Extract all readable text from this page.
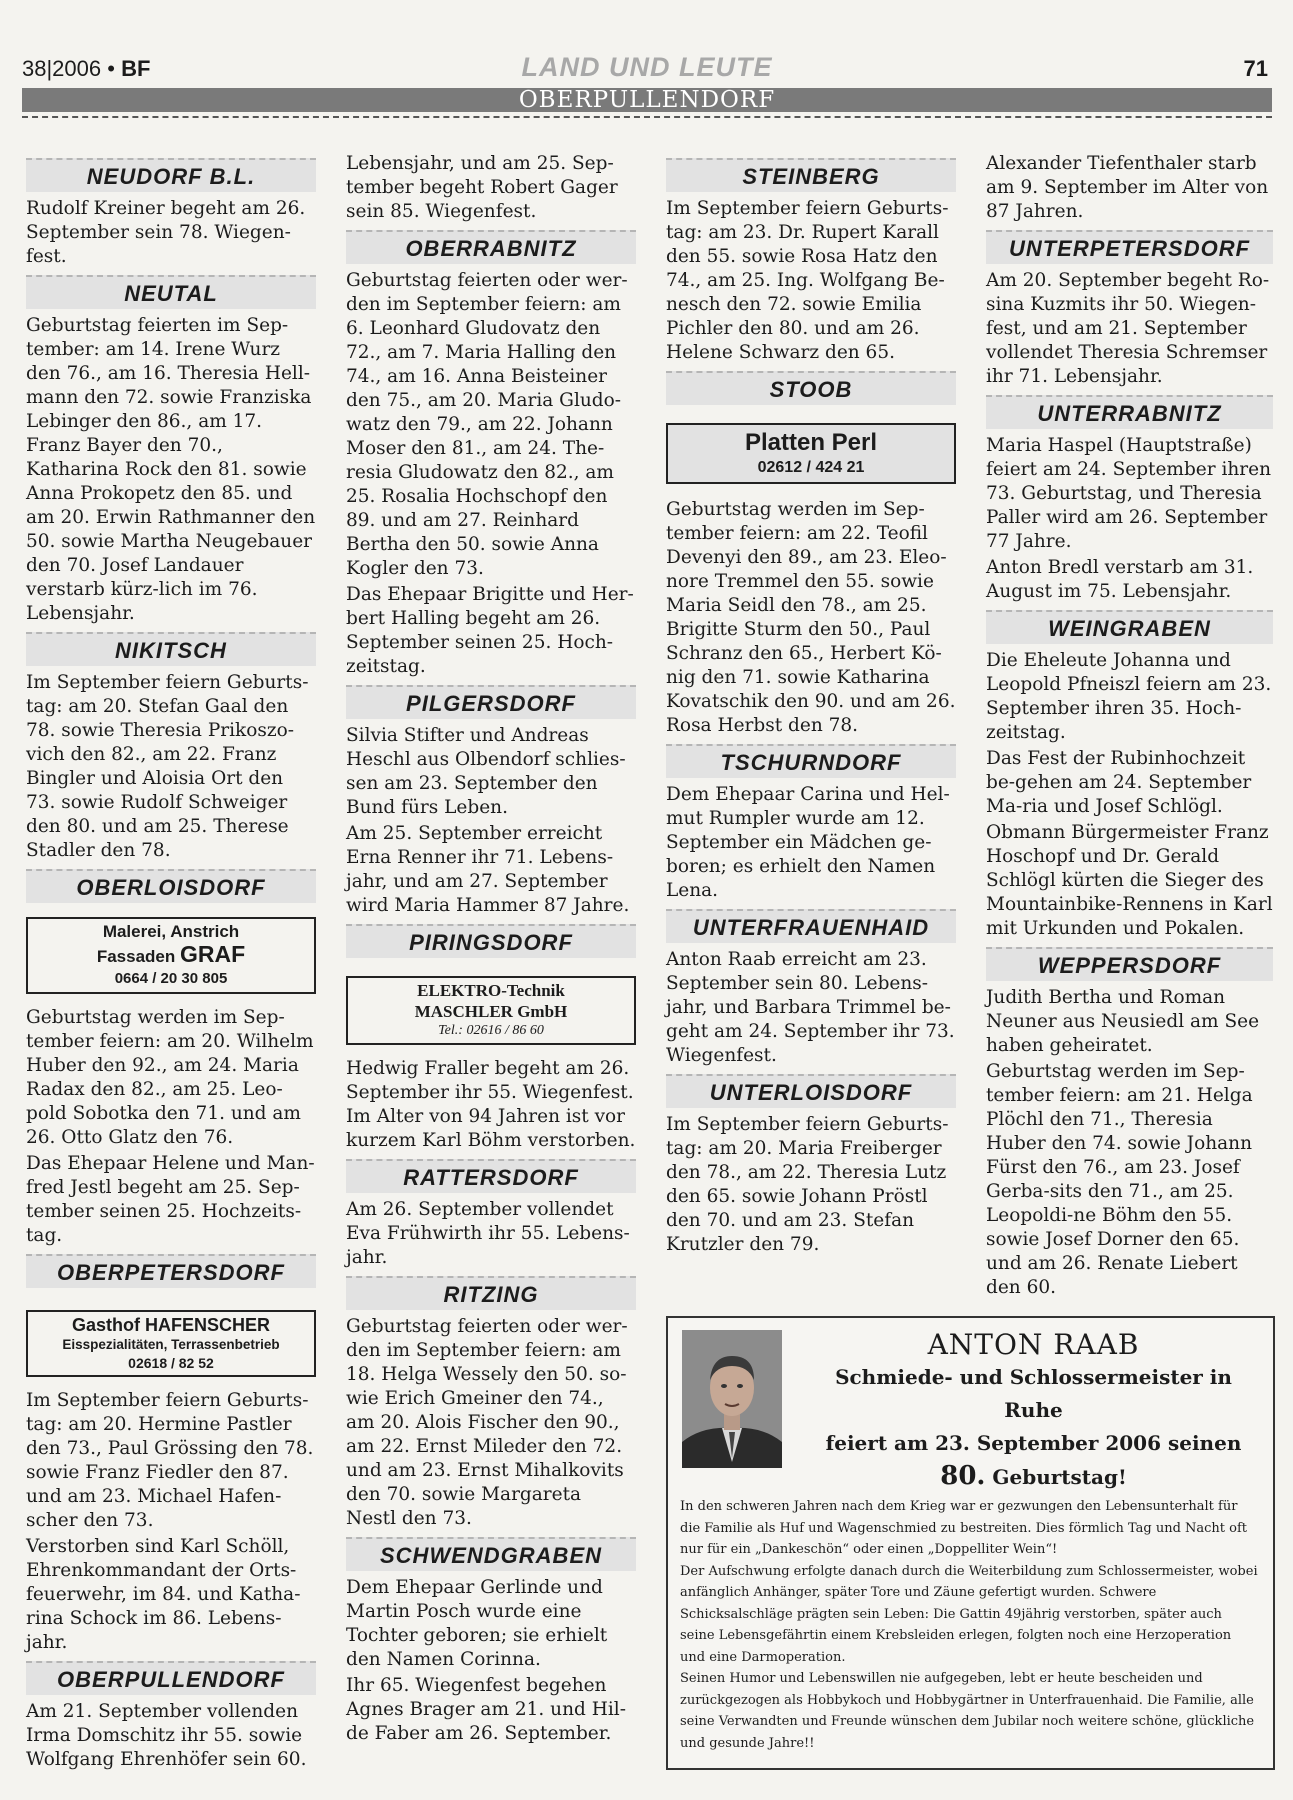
38|2006 • BF	LAND UND LEUTE	71
OBERPULLENDORF
NEUDORF B.L.
Rudolf Kreiner begeht am 26. September sein 78. Wiegen-fest.
NEUTAL
Geburtstag feierten im Sep-tember: am 14. Irene Wurz den 76., am 16. Theresia Hell-mann den 72. sowie Franziska Lebinger den 86., am 17. Franz Bayer den 70., Katharina Rock den 81. sowie Anna Prokopetz den 85. und am 20. Erwin Rathmanner den 50. sowie Martha Neugebauer den 70. Josef Landauer verstarb kürz-lich im 76. Lebensjahr.
NIKITSCH
Im September feiern Geburts-tag: am 20. Stefan Gaal den 78. sowie Theresia Prikoszo-vich den 82., am 22. Franz Bingler und Aloisia Ort den 73. sowie Rudolf Schweiger den 80. und am 25. Therese Stadler den 78.
OBERLOISDORF
Malerei, Anstrich
Fassaden GRAF
0664 / 20 30 805
Geburtstag werden im Sep-tember feiern: am 20. Wilhelm Huber den 92., am 24. Maria Radax den 82., am 25. Leo-pold Sobotka den 71. und am 26. Otto Glatz den 76.
Das Ehepaar Helene und Man-fred Jestl begeht am 25. Sep-tember seinen 25. Hochzeits-tag.
OBERPETERSDORF
Gasthof HAFENSCHER
Eisspezialitäten, Terrassenbetrieb
02618 / 82 52
Im September feiern Geburts-tag: am 20. Hermine Pastler den 73., Paul Grössing den 78. sowie Franz Fiedler den 87. und am 23. Michael Hafen-scher den 73.
Verstorben sind Karl Schöll, Ehrenkommandant der Orts-feuerwehr, im 84. und Katha-rina Schock im 86. Lebens-jahr.
OBERPULLENDORF
Am 21. September vollenden Irma Domschitz ihr 55. sowie Wolfgang Ehrenhöfer sein 60.
Lebensjahr, und am 25. Sep-tember begeht Robert Gager sein 85. Wiegenfest.
OBERRABNITZ
Geburtstag feierten oder wer-den im September feiern: am 6. Leonhard Gludovatz den 72., am 7. Maria Halling den 74., am 16. Anna Beisteiner den 75., am 20. Maria Gludo-watz den 79., am 22. Johann Moser den 81., am 24. The-resia Gludowatz den 82., am 25. Rosalia Hochschopf den 89. und am 27. Reinhard Bertha den 50. sowie Anna Kogler den 73.
Das Ehepaar Brigitte und Her-bert Halling begeht am 26. September seinen 25. Hoch-zeitstag.
PILGERSDORF
Silvia Stifter und Andreas Heschl aus Olbendorf schlies-sen am 23. September den Bund fürs Leben.
Am 25. September erreicht Erna Renner ihr 71. Lebens-jahr, und am 27. September wird Maria Hammer 87 Jahre.
PIRINGSDORF
ELEKTRO-Technik
MASCHLER GmbH
Tel.: 02616 / 86 60
Hedwig Fraller begeht am 26. September ihr 55. Wiegenfest. Im Alter von 94 Jahren ist vor kurzem Karl Böhm verstorben.
RATTERSDORF
Am 26. September vollendet Eva Frühwirth ihr 55. Lebens-jahr.
RITZING
Geburtstag feierten oder wer-den im September feiern: am 18. Helga Wessely den 50. so-wie Erich Gmeiner den 74., am 20. Alois Fischer den 90., am 22. Ernst Mileder den 72. und am 23. Ernst Mihalkovits den 70. sowie Margareta Nestl den 73.
SCHWENDGRABEN
Dem Ehepaar Gerlinde und Martin Posch wurde eine Tochter geboren; sie erhielt den Namen Corinna.
Ihr 65. Wiegenfest begehen Agnes Brager am 21. und Hil-de Faber am 26. September.
STEINBERG
Im September feiern Geburts-tag: am 23. Dr. Rupert Karall den 55. sowie Rosa Hatz den 74., am 25. Ing. Wolfgang Be-nesch den 72. sowie Emilia Pichler den 80. und am 26. Helene Schwarz den 65.
STOOB
Platten Perl
02612 / 424 21
Geburtstag werden im Sep-tember feiern: am 22. Teofil Devenyi den 89., am 23. Eleo-nore Tremmel den 55. sowie Maria Seidl den 78., am 25. Brigitte Sturm den 50., Paul Schranz den 65., Herbert Kö-nig den 71. sowie Katharina Kovatschik den 90. und am 26. Rosa Herbst den 78.
TSCHURNDORF
Dem Ehepaar Carina und Hel-mut Rumpler wurde am 12. September ein Mädchen ge-boren; es erhielt den Namen Lena.
UNTERFRAUENHAID
Anton Raab erreicht am 23. September sein 80. Lebens-jahr, und Barbara Trimmel be-geht am 24. September ihr 73. Wiegenfest.
UNTERLOISDORF
Im September feiern Geburts-tag: am 20. Maria Freiberger den 78., am 22. Theresia Lutz den 65. sowie Johann Pröstl den 70. und am 23. Stefan Krutzler den 79.
Alexander Tiefenthaler starb am 9. September im Alter von 87 Jahren.
UNTERPETERSDORF
Am 20. September begeht Ro-sina Kuzmits ihr 50. Wiegen-fest, und am 21. September vollendet Theresia Schremser ihr 71. Lebensjahr.
UNTERRABNITZ
Maria Haspel (Hauptstraße) feiert am 24. September ihren 73. Geburtstag, und Theresia Paller wird am 26. September 77 Jahre.
Anton Bredl verstarb am 31. August im 75. Lebensjahr.
WEINGRABEN
Die Eheleute Johanna und Leopold Pfneiszl feiern am 23. September ihren 35. Hoch-zeitstag.
Das Fest der Rubinhochzeit be-gehen am 24. September Ma-ria und Josef Schlögl.
Obmann Bürgermeister Franz Hoschopf und Dr. Gerald Schlögl kürten die Sieger des Mountainbike-Rennens in Karl mit Urkunden und Pokalen.
WEPPERSDORF
Judith Bertha und Roman Neuner aus Neusiedl am See haben geheiratet.
Geburtstag werden im Sep-tember feiern: am 21. Helga Plöchl den 71., Theresia Huber den 74. sowie Johann Fürst den 76., am 23. Josef Gerba-sits den 71., am 25. Leopoldi-ne Böhm den 55. sowie Josef Dorner den 65. und am 26. Renate Liebert den 60.
ANTON RAAB
Schmiede- und Schlossermeister in Ruhe
feiert am 23. September 2006 seinen
80. Geburtstag!
In den schweren Jahren nach dem Krieg war er gezwungen den Lebensunterhalt für die Familie als Huf und Wagenschmied zu bestreiten. Dies förmlich Tag und Nacht oft nur für ein „Dankeschön“ oder einen „Doppelliter Wein“!
Der Aufschwung erfolgte danach durch die Weiterbildung zum Schlossermeister, wobei anfänglich Anhänger, später Tore und Zäune gefertigt wurden. Schwere Schicksalschläge prägten sein Leben: Die Gattin 49jährig verstorben, später auch seine Lebensgefährtin einem Krebsleiden erlegen, folgten noch eine Herzoperation und eine Darmoperation.
Seinen Humor und Lebenswillen nie aufgegeben, lebt er heute bescheiden und zurückgezogen als Hobbykoch und Hobbygärtner in Unterfrauenhaid. Die Familie, alle seine Verwandten und Freunde wünschen dem Jubilar noch weitere schöne, glückliche und gesunde Jahre!!
